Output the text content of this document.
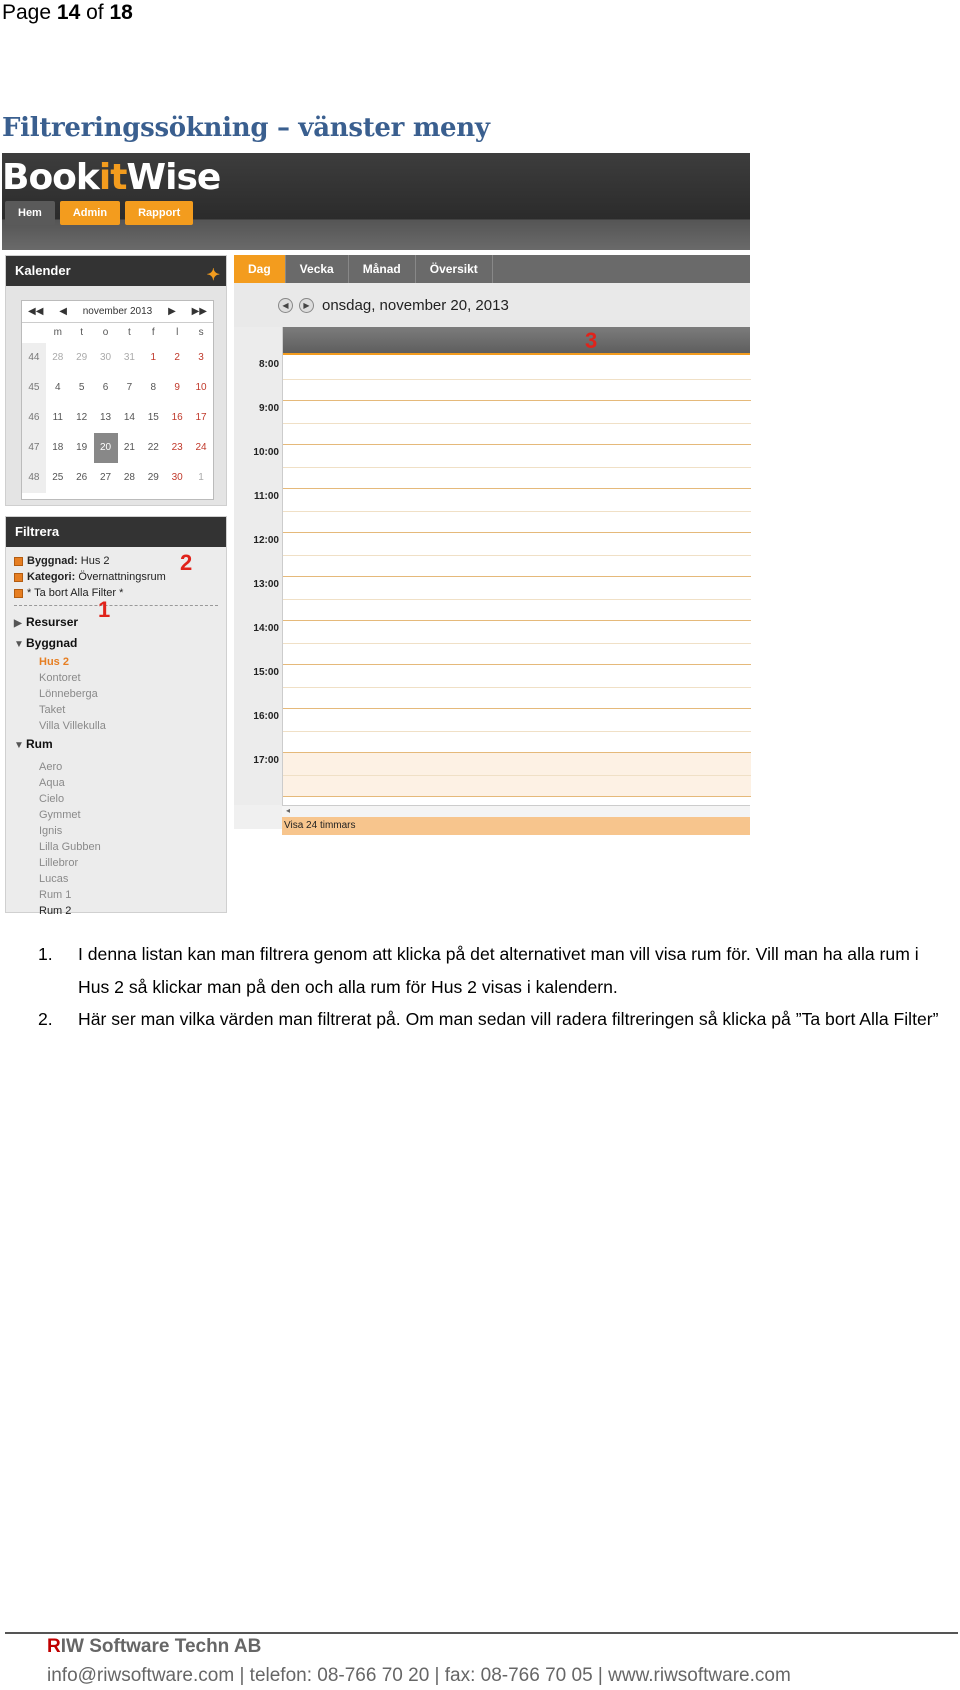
Page 14 of 18
Filtreringssökning – vänster meny
BookitWise
Hem	Admin	Rapport
Kalender	✦
◀◀ ◀ november 2013 ▶ ▶▶
m	t	o	t	f	l	s
44	28	29	30	31	1	2	3
45	4	5	6	7	8	9	10
46	11	12	13	14	15	16	17
47	18	19	20	21	22	23	24
48	25	26	27	28	29	30	1
Filtrera
Byggnad:
Hus 2
Kategori:
Övernattningsrum
* Ta bort Alla Filter *
▶ Resurser
▼ Byggnad
Hus 2
Kontoret
Lönneberga
Taket
Villa Villekulla
▼ Rum
Aero
Aqua
Cielo
Gymmet
Ignis
Lilla Gubben
Lillebror
Lucas
Rum 1
Rum 2
Dag	Vecka	Månad	Översikt
◀	▶ onsdag, november 20, 2013
8:00
9:00
10:00
11:00
12:00
13:00
14:00
15:00
16:00
17:00
◂
Visa 24 timmars
1
2
3
1.	I denna listan kan man filtrera genom att klicka på det alternativet man vill visa rum för. Vill man ha alla rum i Hus 2 så klickar man på den och alla rum för Hus 2 visas i kalendern.
2.	Här ser man vilka värden man filtrerat på. Om man sedan vill radera filtreringen så klicka på ”Ta bort Alla Filter”
RIW Software Techn AB
info@riwsoftware.com | telefon: 08-766 70 20 | fax: 08-766 70 05 | www.riwsoftware.com
